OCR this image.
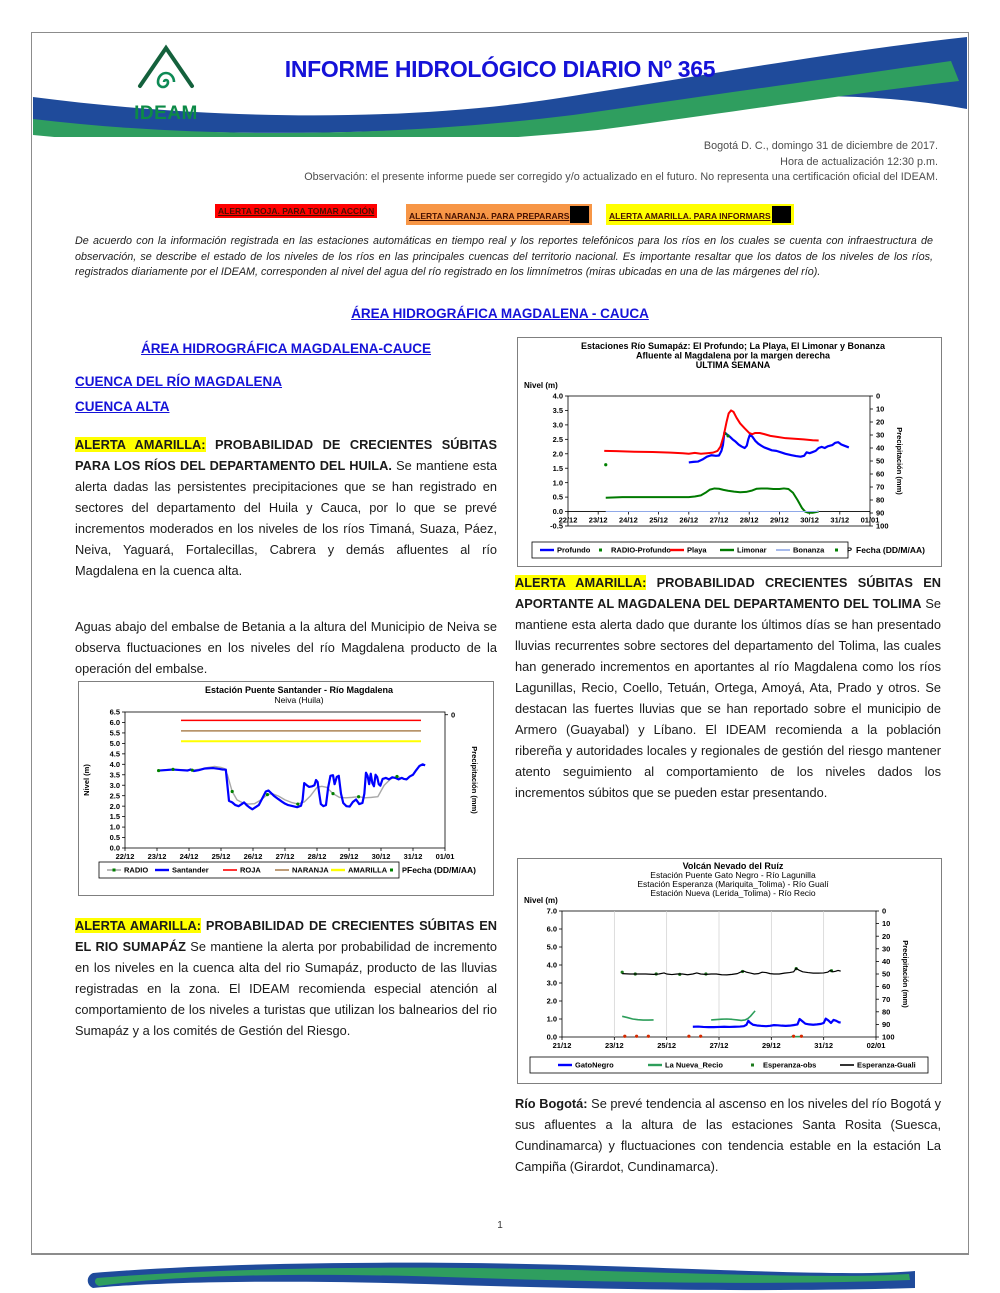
IDEAM
INFORME HIDROLÓGICO DIARIO Nº 365
Bogotá D. C., domingo 31 de diciembre de 2017.
Hora de actualización 12:30 p.m.
Observación: el presente informe puede ser corregido y/o actualizado en el futuro. No representa una certificación oficial del IDEAM.
ALERTA ROJA. PARA TOMAR ACCIÓN	ALERTA NARANJA. PARA PREPARARS	ALERTA AMARILLA. PARA INFORMARS
De acuerdo con la información registrada en las estaciones automáticas en tiempo real y los reportes telefónicos para los ríos en los cuales se cuenta con infraestructura de observación, se describe el estado de los niveles de los ríos en las principales cuencas del territorio nacional. Es importante resaltar que los datos de los niveles de los ríos, registrados diariamente por el IDEAM, corresponden al nivel del agua del río registrado en los limnímetros (miras ubicadas en una de las márgenes del río).
ÁREA HIDROGRÁFICA MAGDALENA - CAUCA
ÁREA HIDROGRÁFICA MAGDALENA-CAUCE
CUENCA DEL RÍO MAGDALENA
CUENCA ALTA
ALERTA AMARILLA: PROBABILIDAD DE CRECIENTES SÚBITAS PARA LOS RÍOS DEL DEPARTAMENTO DEL HUILA. Se mantiene esta alerta dadas las persistentes precipitaciones que se han registrado en sectores del departamento del Huila y Cauca, por lo que se prevé incrementos moderados en los niveles de los ríos Timaná, Suaza, Páez, Neiva, Yaguará, Fortalecillas, Cabrera y demás afluentes al río Magdalena en la cuenca alta.
Aguas abajo del embalse de Betania a la altura del Municipio de Neiva se observa fluctuaciones en los niveles del río Magdalena producto de la operación del embalse.
Estación Puente Santander - Río Magdalena
Neiva (Huila)
0.0
0.5
1.0
1.5
2.0
2.5
3.0
3.5
4.0
4.5
5.0
5.5
6.0
6.5
22/12 23/12 24/12 25/12 26/12 27/12 28/12 29/12 30/12 31/12 01/01
0
Nivel (m)	Precipitación (mm)
RADIO	Santander	ROJA	NARANJA	AMARILLA P Fecha (DD/M/AA)
ALERTA AMARILLA: PROBABILIDAD DE CRECIENTES SÚBITAS EN EL RIO SUMAPÁZ Se mantiene la alerta por probabilidad de incremento en los niveles en la cuenca alta del rio Sumapáz, producto de las lluvias registradas en la zona. El IDEAM recomienda especial atención al comportamiento de los niveles a turistas que utilizan los balnearios del rio Sumapáz y a los comités de Gestión del Riesgo.
Estaciones Río Sumapáz: El Profundo; La Playa, El Limonar y Bonanza
Afluente al Magdalena por la margen derecha
ULTIMA SEMANA
4.0
3.5
3.0
2.5
2.0
1.5
1.0
0.5
0.0
-0.5
22/12 23/12 24/12 25/12 26/12 27/12 28/12 29/12 30/12 31/12 01/01
0
10
20
30
40
50
60
70
80
90
100
Nivel (m)
Precipitación (mm)
Profundo	RADIO-Profundo Playa	Limonar	Bonanza	P Fecha (DD/M/AA)
ALERTA AMARILLA: PROBABILIDAD CRECIENTES SÚBITAS EN APORTANTE AL MAGDALENA DEL DEPARTAMENTO DEL TOLIMA Se mantiene esta alerta dado que durante los últimos días se han presentado lluvias recurrentes sobre sectores del departamento del Tolima, las cuales han generado incrementos en aportantes al río Magdalena como los ríos Lagunillas, Recio, Coello, Tetuán, Ortega, Amoyá, Ata, Prado y otros. Se destacan las fuertes lluvias que se han reportado sobre el municipio de Armero (Guayabal) y Líbano. El IDEAM recomienda a la población ribereña y autoridades locales y regionales de gestión del riesgo mantener atento seguimiento al comportamiento de los niveles dados los incrementos súbitos que se pueden estar presentando.
Volcán Nevado del Ruíz
Estación Puente Gato Negro - Río Lagunilla
Estación Esperanza (Mariquita_Tolima) - Río Gualí
Estación Nueva (Lerida_Tolima) - Río Recio
0.0
1.0
2.0
3.0
4.0
5.0
6.0
7.0
21/12	23/12	25/12	27/12	29/12	31/12	02/01
0
10
20
30
40
50
60
70
80
90
100
Nivel (m)
Precipitación (mm)
GatoNegro	La Nueva_Recio	Esperanza-obs	Esperanza-Guali
Río Bogotá: Se prevé tendencia al ascenso en los niveles del río Bogotá y sus afluentes a la altura de las estaciones Santa Rosita (Suesca, Cundinamarca) y fluctuaciones con tendencia estable en la estación La Campiña (Girardot, Cundinamarca).
1
